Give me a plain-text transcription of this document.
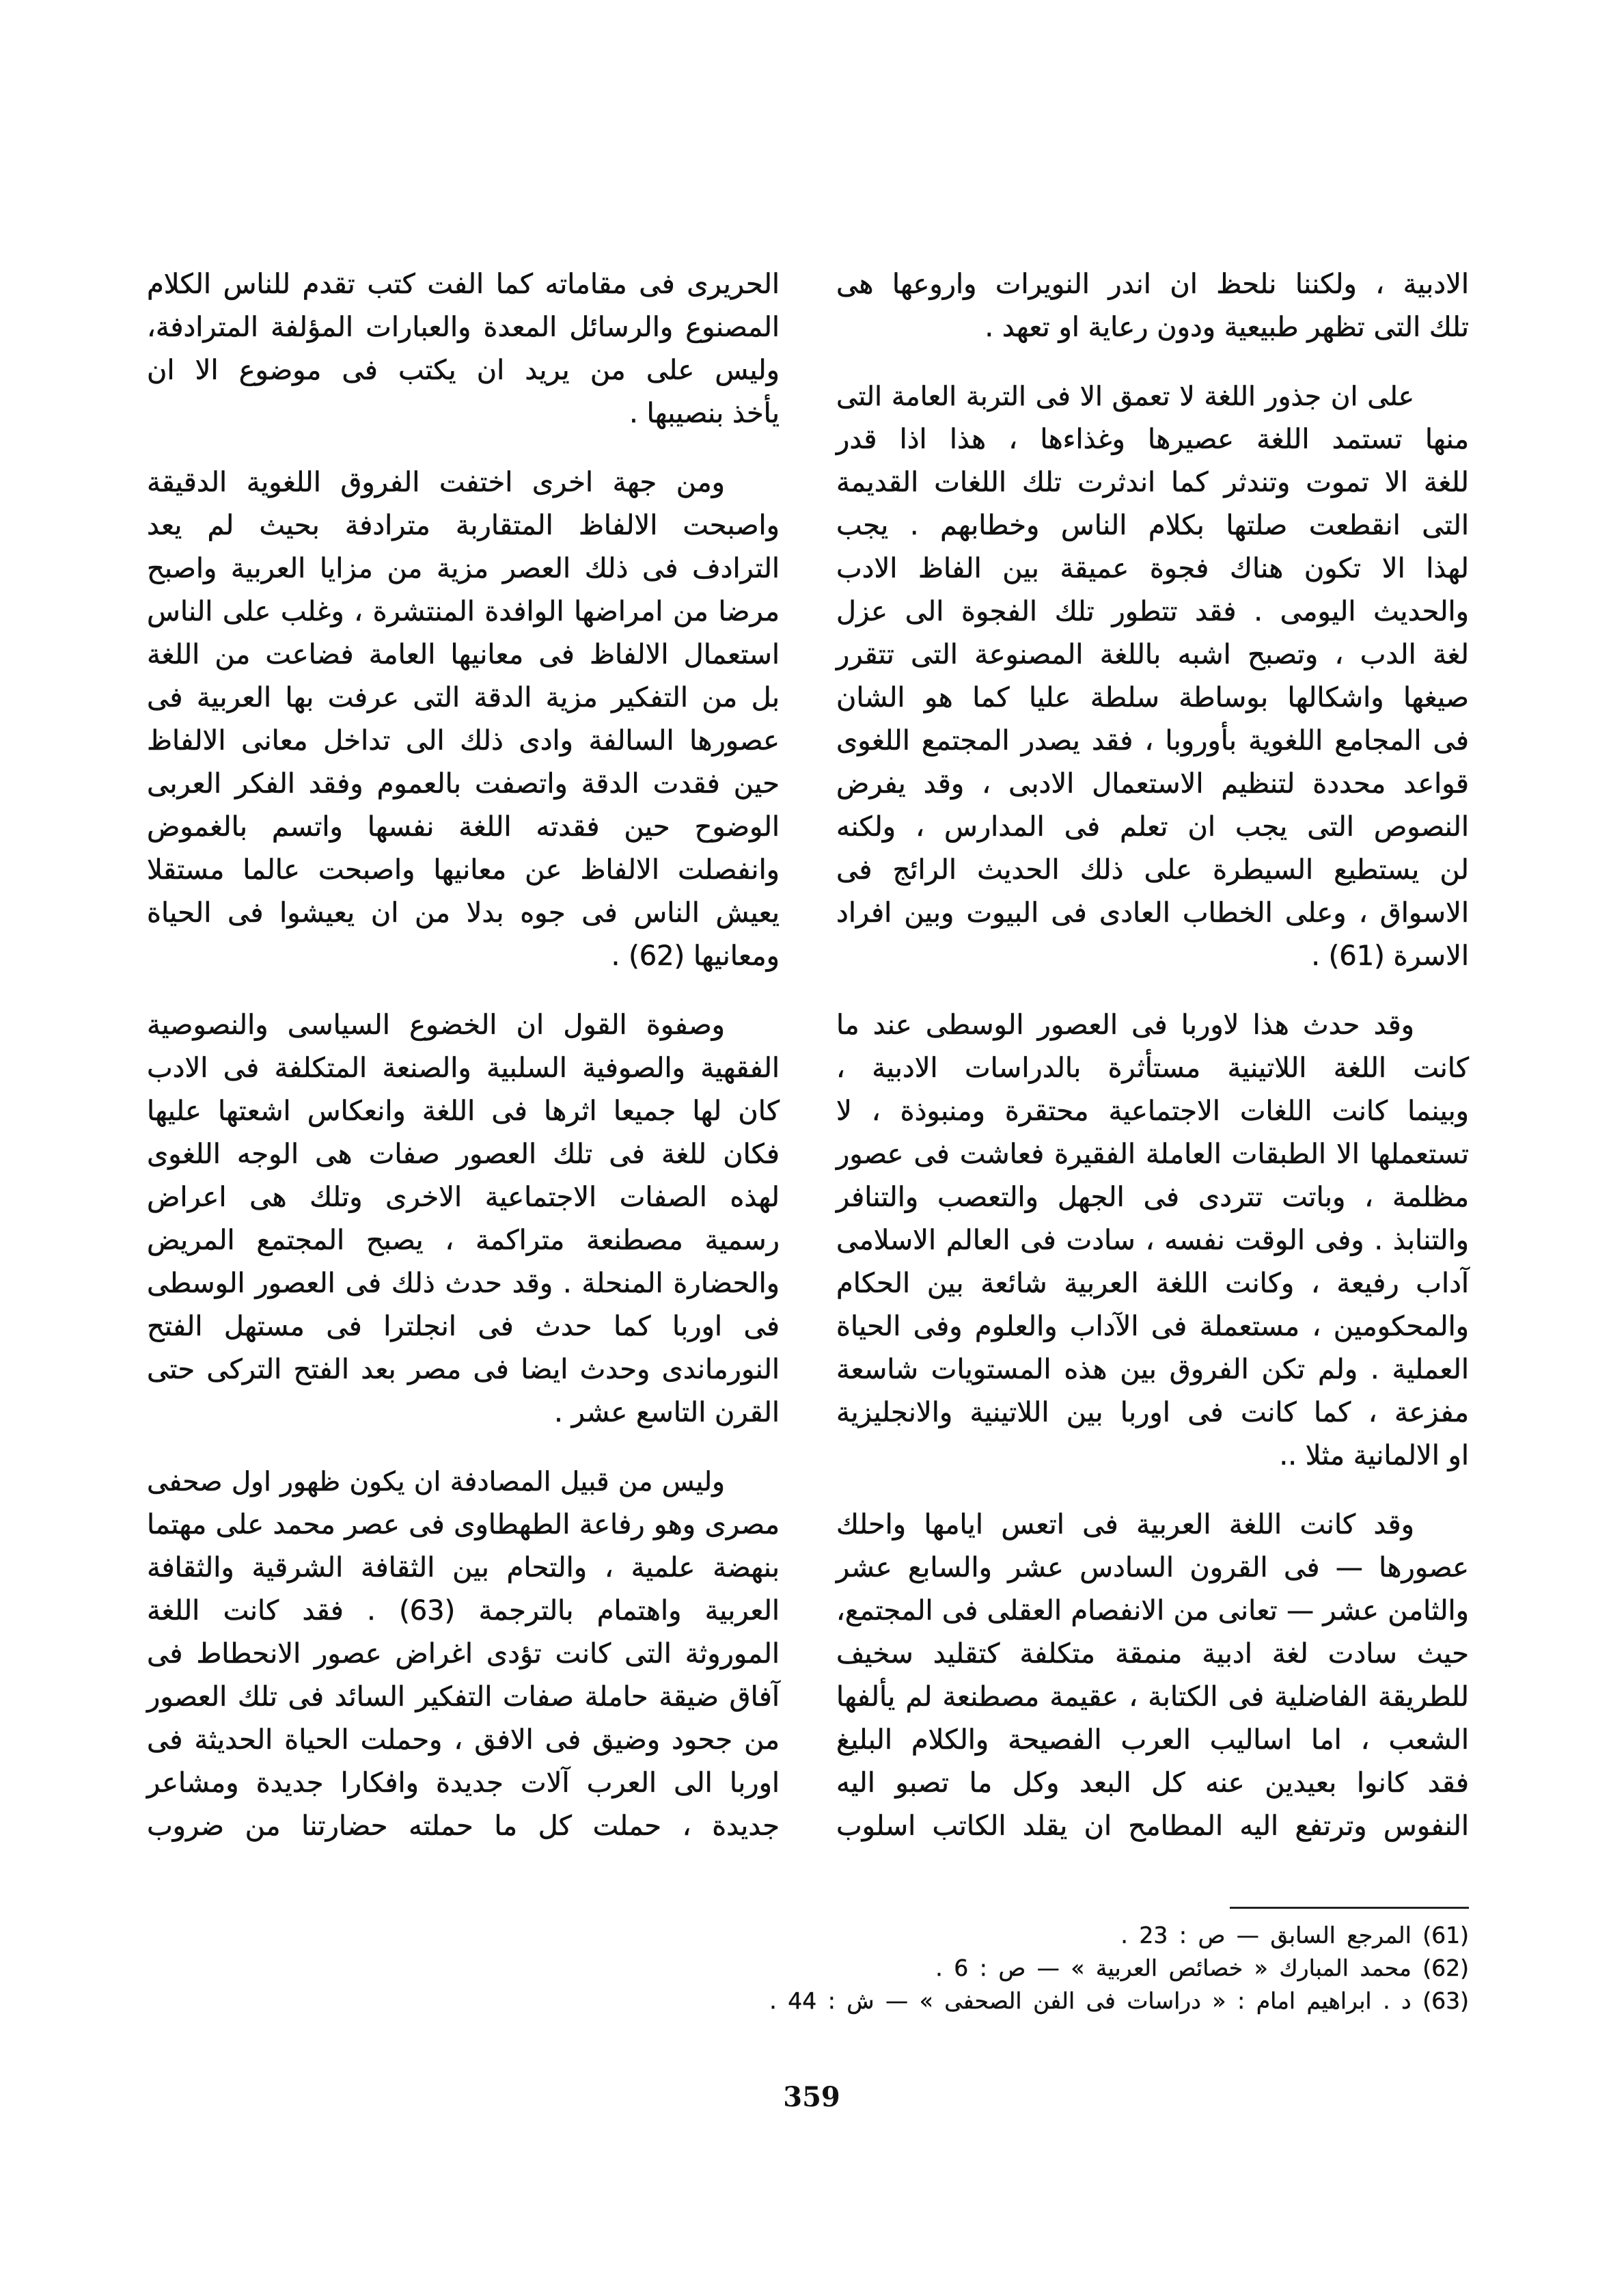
الادبية ، ولكننا نلحظ ان اندر النويرات واروعها هى
تلك التى تظهر طبيعية ودون رعاية او تعهد .
على ان جذور اللغة لا تعمق الا فى التربة العامة التى
منها تستمد اللغة عصيرها وغذاءها ، هذا اذا قدر
للغة الا تموت وتندثر كما اندثرت تلك اللغات القديمة
التى انقطعت صلتها بكلام الناس وخطابهم . يجب
لهذا الا تكون هناك فجوة عميقة بين الفاظ الادب
والحديث اليومى . فقد تتطور تلك الفجوة الى عزل
لغة الدب ، وتصبح اشبه باللغة المصنوعة التى تتقرر
صيغها واشكالها بوساطة سلطة عليا كما هو الشان
فى المجامع اللغوية بأوروبا ، فقد يصدر المجتمع اللغوى
قواعد محددة لتنظيم الاستعمال الادبى ، وقد يفرض
النصوص التى يجب ان تعلم فى المدارس ، ولكنه
لن يستطيع السيطرة على ذلك الحديث الرائج فى
الاسواق ، وعلى الخطاب العادى فى البيوت وبين افراد
الاسرة (61) .
وقد حدث هذا لاوربا فى العصور الوسطى عند ما
كانت اللغة اللاتينية مستأثرة بالدراسات الادبية ،
وبينما كانت اللغات الاجتماعية محتقرة ومنبوذة ، لا
تستعملها الا الطبقات العاملة الفقيرة فعاشت فى عصور
مظلمة ، وباتت تتردى فى الجهل والتعصب والتنافر
والتنابذ . وفى الوقت نفسه ، سادت فى العالم الاسلامى
آداب رفيعة ، وكانت اللغة العربية شائعة بين الحكام
والمحكومين ، مستعملة فى الآداب والعلوم وفى الحياة
العملية . ولم تكن الفروق بين هذه المستويات شاسعة
مفزعة ، كما كانت فى اوربا بين اللاتينية والانجليزية
او الالمانية مثلا ..
وقد كانت اللغة العربية فى اتعس ايامها واحلك
عصورها — فى القرون السادس عشر والسابع عشر
والثامن عشر — تعانى من الانفصام العقلى فى المجتمع،
حيث سادت لغة ادبية منمقة متكلفة كتقليد سخيف
للطريقة الفاضلية فى الكتابة ، عقيمة مصطنعة لم يألفها
الشعب ، اما اساليب العرب الفصيحة والكلام البليغ
فقد كانوا بعيدين عنه كل البعد وكل ما تصبو اليه
النفوس وترتفع اليه المطامح ان يقلد الكاتب اسلوب
الحريرى فى مقاماته كما الفت كتب تقدم للناس الكلام
المصنوع والرسائل المعدة والعبارات المؤلفة المترادفة،
وليس على من يريد ان يكتب فى موضوع الا ان
يأخذ بنصيبها .
ومن جهة اخرى اختفت الفروق اللغوية الدقيقة
واصبحت الالفاظ المتقاربة مترادفة بحيث لم يعد
الترادف فى ذلك العصر مزية من مزايا العربية واصبح
مرضا من امراضها الوافدة المنتشرة ، وغلب على الناس
استعمال الالفاظ فى معانيها العامة فضاعت من اللغة
بل من التفكير مزية الدقة التى عرفت بها العربية فى
عصورها السالفة وادى ذلك الى تداخل معانى الالفاظ
حين فقدت الدقة واتصفت بالعموم وفقد الفكر العربى
الوضوح حين فقدته اللغة نفسها واتسم بالغموض
وانفصلت الالفاظ عن معانيها واصبحت عالما مستقلا
يعيش الناس فى جوه بدلا من ان يعيشوا فى الحياة
ومعانيها (62) .
وصفوة القول ان الخضوع السياسى والنصوصية
الفقهية والصوفية السلبية والصنعة المتكلفة فى الادب
كان لها جميعا اثرها فى اللغة وانعكاس اشعتها عليها
فكان للغة فى تلك العصور صفات هى الوجه اللغوى
لهذه الصفات الاجتماعية الاخرى وتلك هى اعراض
رسمية مصطنعة متراكمة ، يصبح المجتمع المريض
والحضارة المنحلة . وقد حدث ذلك فى العصور الوسطى
فى اوربا كما حدث فى انجلترا فى مستهل الفتح
النورماندى وحدث ايضا فى مصر بعد الفتح التركى حتى
القرن التاسع عشر .
وليس من قبيل المصادفة ان يكون ظهور اول صحفى
مصرى وهو رفاعة الطهطاوى فى عصر محمد على مهتما
بنهضة علمية ، والتحام بين الثقافة الشرقية والثقافة
العربية واهتمام بالترجمة (63) . فقد كانت اللغة
الموروثة التى كانت تؤدى اغراض عصور الانحطاط فى
آفاق ضيقة حاملة صفات التفكير السائد فى تلك العصور
من جحود وضيق فى الافق ، وحملت الحياة الحديثة فى
اوربا الى العرب آلات جديدة وافكارا جديدة ومشاعر
جديدة ، حملت كل ما حملته حضارتنا من ضروب
(61) المرجع السابق — ص : 23 .
(62) محمد المبارك « خصائص العربية » — ص : 6 .
(63) د . ابراهيم امام : « دراسات فى الفن الصحفى » — ش : 44 .
359
